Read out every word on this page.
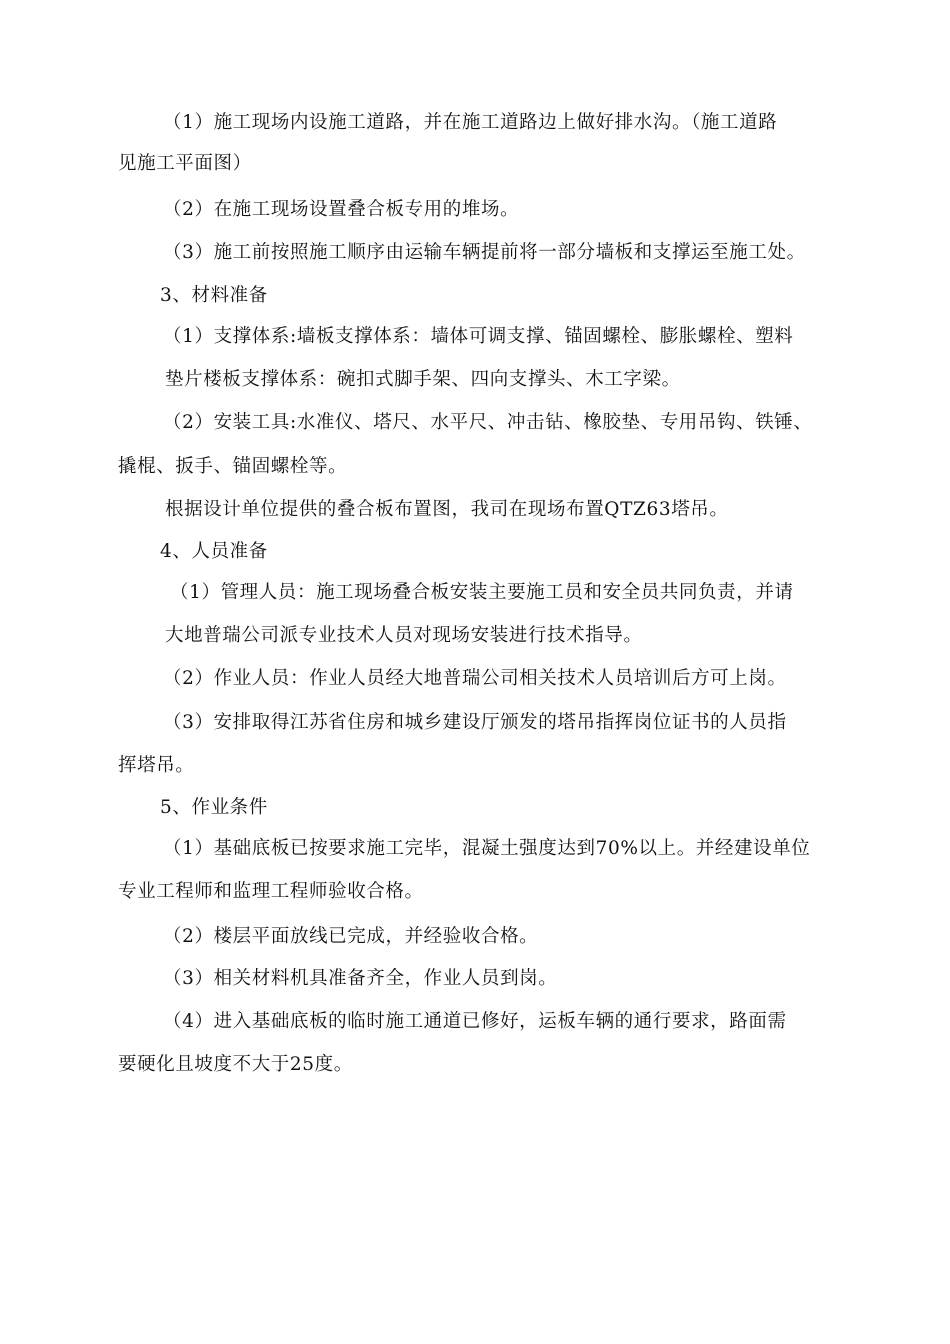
（1）施工现场内设施工道路，并在施工道路边上做好排水沟。（施工道路
见施工平面图）
（2）在施工现场设置叠合板专用的堆场。
（3）施工前按照施工顺序由运输车辆提前将一部分墙板和支撑运至施工处。
3、材料准备
（1）支撑体系:墙板支撑体系：墙体可调支撑、锚固螺栓、膨胀螺栓、塑料
垫片楼板支撑体系：碗扣式脚手架、四向支撑头、木工字梁。
（2）安装工具:水准仪、塔尺、水平尺、冲击钻、橡胶垫、专用吊钩、铁锤、
撬棍、扳手、锚固螺栓等。
根据设计单位提供的叠合板布置图，我司在现场布置QTZ63塔吊。
4、人员准备
（1）管理人员：施工现场叠合板安装主要施工员和安全员共同负责，并请
大地普瑞公司派专业技术人员对现场安装进行技术指导。
（2）作业人员：作业人员经大地普瑞公司相关技术人员培训后方可上岗。
（3）安排取得江苏省住房和城乡建设厅颁发的塔吊指挥岗位证书的人员指
挥塔吊。
5、作业条件
（1）基础底板已按要求施工完毕，混凝土强度达到70%以上。并经建设单位
专业工程师和监理工程师验收合格。
（2）楼层平面放线已完成，并经验收合格。
（3）相关材料机具准备齐全，作业人员到岗。
（4）进入基础底板的临时施工通道已修好，运板车辆的通行要求，路面需
要硬化且坡度不大于25度。
